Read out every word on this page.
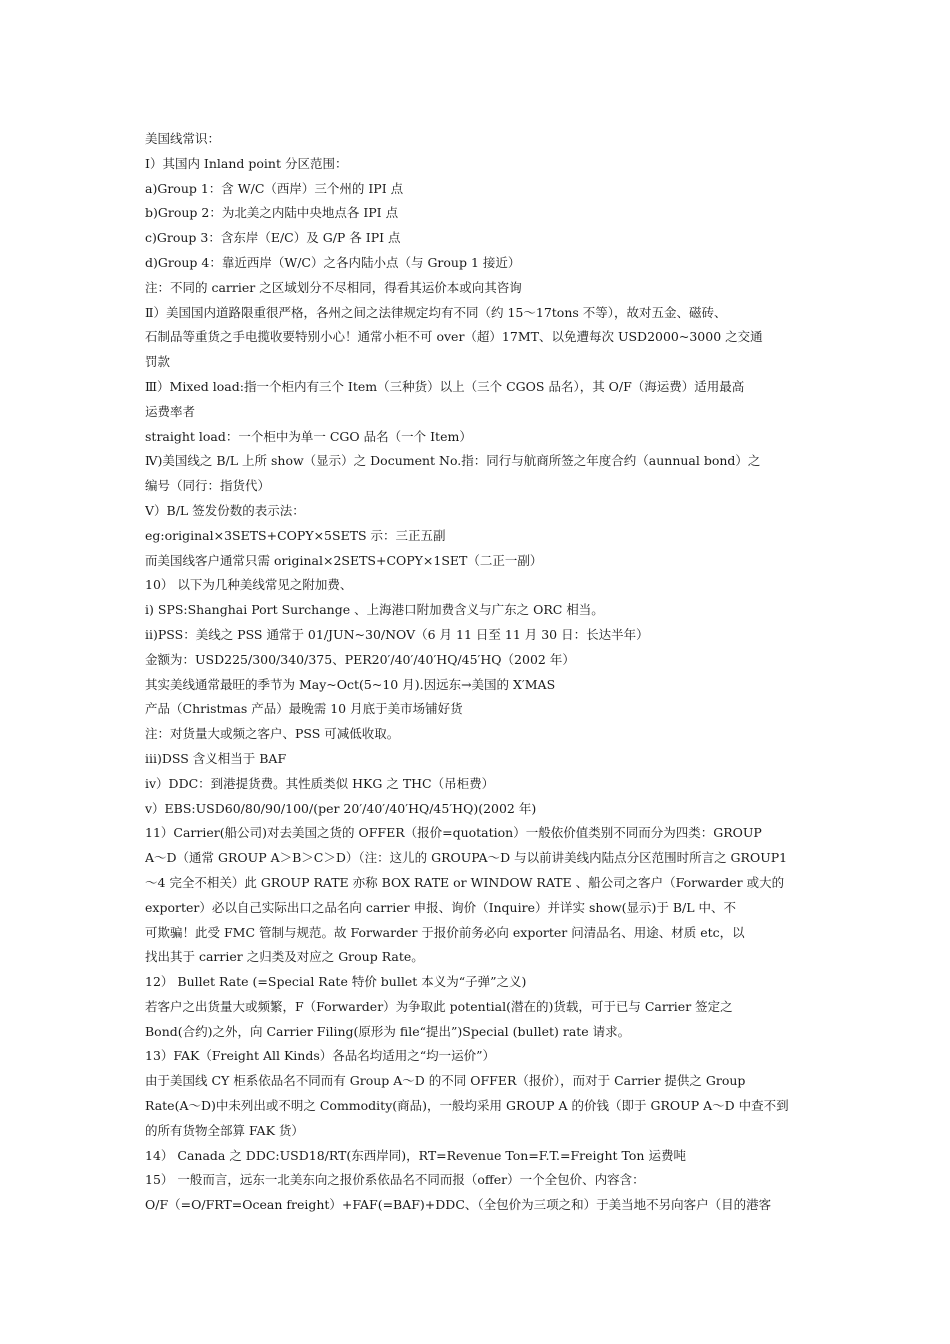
美国线常识：
Ⅰ）其国内 Inland point 分区范围：
a)Group 1：含 W/C（西岸）三个州的 IPI 点
b)Group 2：为北美之内陆中央地点各 IPI 点
c)Group 3：含东岸（E/C）及 G/P 各 IPI 点
d)Group 4：靠近西岸（W/C）之各内陆小点（与 Group 1 接近）
注：不同的 carrier 之区域划分不尽相同，得看其运价本或向其咨询
Ⅱ）美国国内道路限重很严格，各州之间之法律规定均有不同（约 15～17tons 不等），故对五金、磁砖、
石制品等重货之手电揽收要特别小心！通常小柜不可 over（超）17MT、以免遭每次 USD2000~3000 之交通
罚款
Ⅲ）Mixed load:指一个柜内有三个 Item（三种货）以上（三个 CGOS 品名），其 O/F（海运费）适用最高
运费率者
straight load：一个柜中为单一 CGO 品名（一个 Item）
Ⅳ)美国线之 B/L 上所 show（显示）之 Document No.指：同行与航商所签之年度合约（aunnual bond）之
编号（同行：指货代）
Ⅴ）B/L 签发份数的表示法：
eg:original×3SETS+COPY×5SETS 示：三正五副
而美国线客户通常只需 original×2SETS+COPY×1SET（二正一副）
10） 以下为几种美线常见之附加费、
i) SPS:Shanghai Port Surchange 、上海港口附加费含义与广东之 ORC 相当。
ii)PSS：美线之 PSS 通常于 01/JUN~30/NOV（6 月 11 日至 11 月 30 日：长达半年）
金额为：USD225/300/340/375、PER20′/40′/40′HQ/45′HQ（2002 年）
其实美线通常最旺的季节为 May~Oct(5~10 月).因远东→美国的 X′MAS
产品（Christmas 产品）最晚需 10 月底于美市场铺好货
注：对货量大或频之客户、PSS 可减低收取。
iii)DSS 含义相当于 BAF
ⅳ）DDC：到港提货费。其性质类似 HKG 之 THC（吊柜费）
ⅴ）EBS:USD60/80/90/100/(per 20′/40′/40′HQ/45′HQ)(2002 年)
11）Carrier(船公司)对去美国之货的 OFFER（报价=quotation）一般依价值类别不同而分为四类：GROUP
A～D（通常 GROUP A＞B＞C＞D）（注：这儿的 GROUPA～D 与以前讲美线内陆点分区范围时所言之 GROUP1
～4 完全不相关）此 GROUP RATE 亦称 BOX RATE or WINDOW RATE 、船公司之客户（Forwarder 或大的
exporter）必以自己实际出口之品名向 carrier 申报、询价（Inquire）并详实 show(显示)于 B/L 中、不
可欺骗！此受 FMC 管制与规范。故 Forwarder 于报价前务必向 exporter 问清品名、用途、材质 etc，以
找出其于 carrier 之归类及对应之 Group Rate。
12） Bullet Rate (=Special Rate 特价 bullet 本义为“子弹”之义)
若客户之出货量大或频繁，F（Forwarder）为争取此 potential(潜在的)货载，可于已与 Carrier 签定之
Bond(合约)之外，向 Carrier Filing(原形为 file“提出”)Special (bullet) rate 请求。
13）FAK（Freight All Kinds）各品名均适用之“均一运价”）
由于美国线 CY 柜系依品名不同而有 Group A～D 的不同 OFFER（报价），而对于 Carrier 提供之 Group
Rate(A～D)中未列出或不明之 Commodity(商品)，一般均采用 GROUP A 的价钱（即于 GROUP A～D 中查不到
的所有货物全部算 FAK 货）
14） Canada 之 DDC:USD18/RT(东西岸同)，RT=Revenue Ton=F.T.=Freight Ton 运费吨
15） 一般而言，远东一北美东向之报价系依品名不同而报（offer）一个全包价、内容含：
O/F（=O/FRT=Ocean freight）+FAF(=BAF)+DDC、（全包价为三项之和）于美当地不另向客户（目的港客
